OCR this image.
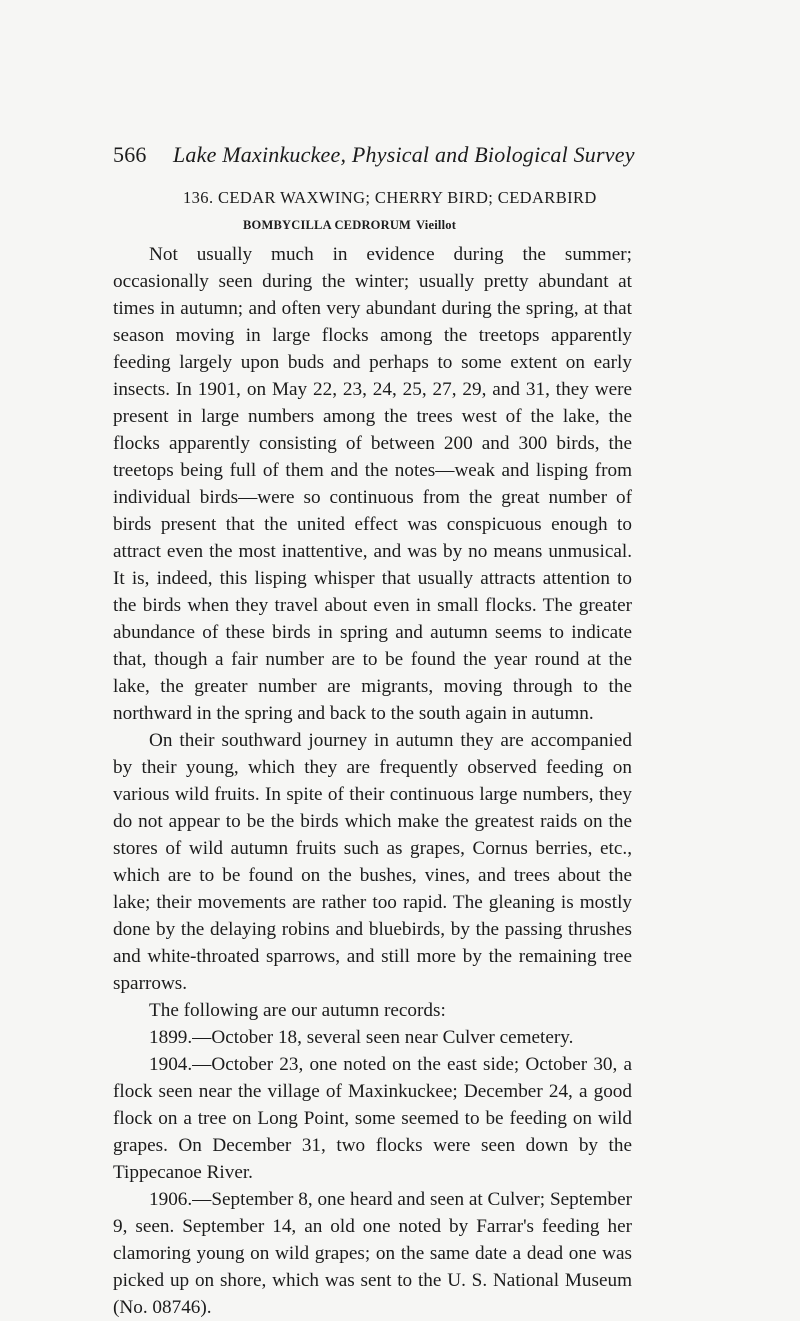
566 Lake Maxinkuckee, Physical and Biological Survey
136. CEDAR WAXWING; CHERRY BIRD; CEDARBIRD
BOMBYCILLA CEDRORUM Vieillot

Not usually much in evidence during the summer; occasionally seen during the winter; usually pretty abundant at times in autumn; and often very abundant during the spring, at that season moving in large flocks among the treetops apparently feeding largely upon buds and perhaps to some extent on early insects. In 1901, on May 22, 23, 24, 25, 27, 29, and 31, they were present in large numbers among the trees west of the lake, the flocks apparently consisting of between 200 and 300 birds, the treetops being full of them and the notes—weak and lisping from individual birds—were so continuous from the great number of birds present that the united effect was conspicuous enough to attract even the most inattentive, and was by no means unmusical. It is, indeed, this lisping whisper that usually attracts attention to the birds when they travel about even in small flocks. The greater abundance of these birds in spring and autumn seems to indicate that, though a fair number are to be found the year round at the lake, the greater number are migrants, moving through to the northward in the spring and back to the south again in autumn.

On their southward journey in autumn they are accompanied by their young, which they are frequently observed feeding on various wild fruits. In spite of their continuous large numbers, they do not appear to be the birds which make the greatest raids on the stores of wild autumn fruits such as grapes, Cornus berries, etc., which are to be found on the bushes, vines, and trees about the lake; their movements are rather too rapid. The gleaning is mostly done by the delaying robins and bluebirds, by the passing thrushes and white-throated sparrows, and still more by the remaining tree sparrows.

The following are our autumn records:

1899.—October 18, several seen near Culver cemetery.

1904.—October 23, one noted on the east side; October 30, a flock seen near the village of Maxinkuckee; December 24, a good flock on a tree on Long Point, some seemed to be feeding on wild grapes. On December 31, two flocks were seen down by the Tippecanoe River.

1906.—September 8, one heard and seen at Culver; September 9, seen. September 14, an old one noted by Farrar's feeding her clamoring young on wild grapes; on the same date a dead one was picked up on shore, which was sent to the U. S. National Museum (No. 08746).
